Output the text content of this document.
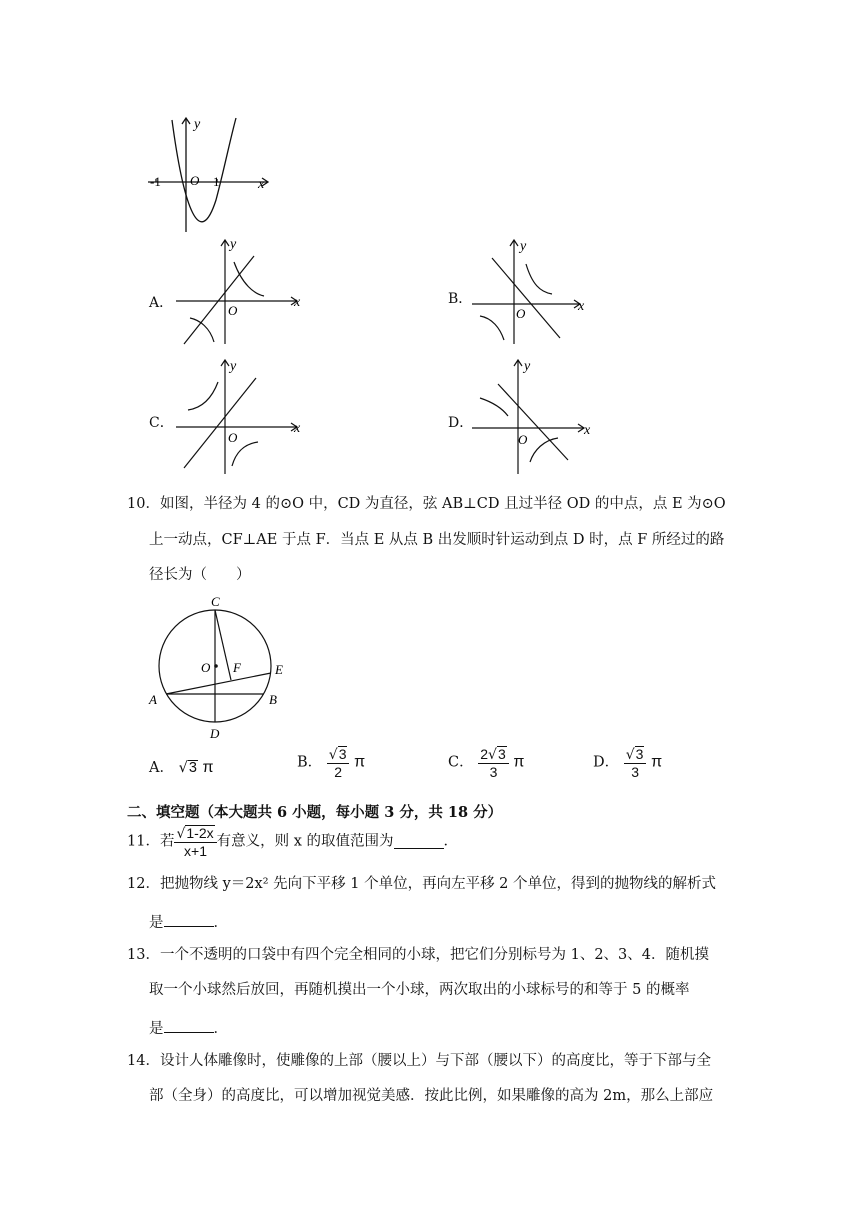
y
x
O
-1	1
A．
y
x
O
B．
y
x
O
C．
y
x
O
D．
y
x
O
10． 如图，半径为 4 的⊙O 中，CD 为直径，弦 AB⊥CD 且过半径 OD 的中点，点 E 为⊙O
上一动点，CF⊥AE 于点 F．当点 E 从点 B 出发顺时针运动到点 D 时，点 F 所经过的路
径长为（　　）
C
O F	E
A	B
D
A． √3 π	B． $\frac{√3}{2}$ π	C． $\frac{2√3}{3}$ π	D． $\frac{√3}{3}$ π
二、填空题（本大题共 6 小题，每小题 3 分，共 18 分）
11．若 $\frac{√1-2x}{x+1}$ 有意义，则 x 的取值范围为	．
12． 把抛物线 y＝2x² 先向下平移 1 个单位，再向左平移 2 个单位，得到的抛物线的解析式
是	．
13． 一个不透明的口袋中有四个完全相同的小球，把它们分别标号为 1、2、3、4．随机摸
取一个小球然后放回，再随机摸出一个小球，两次取出的小球标号的和等于 5 的概率
是	．
14． 设计人体雕像时，使雕像的上部（腰以上）与下部（腰以下）的高度比，等于下部与全
部（全身）的高度比，可以增加视觉美感．按此比例，如果雕像的高为 2m，那么上部应
